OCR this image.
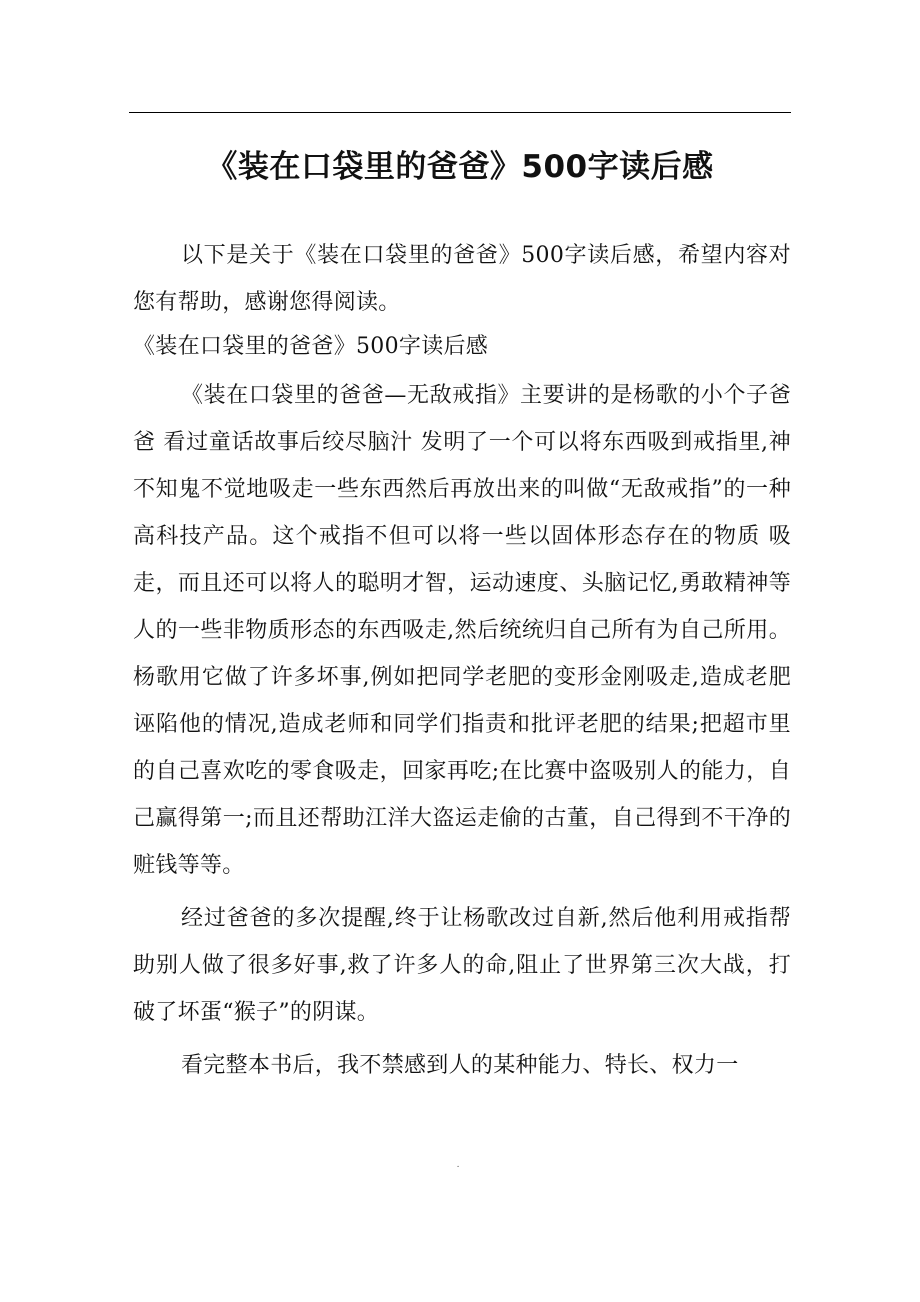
《装在口袋里的爸爸》500字读后感

以下是关于《装在口袋里的爸爸》500字读后感，希望内容对您有帮助，感谢您得阅读。

《装在口袋里的爸爸》500字读后感

《装在口袋里的爸爸—无敌戒指》主要讲的是杨歌的小个子爸爸 看过童话故事后绞尽脑汁 发明了一个可以将东西吸到戒指里,神不知鬼不觉地吸走一些东西然后再放出来的叫做“无敌戒指”的一种高科技产品。这个戒指不但可以将一些以固体形态存在的物质 吸走，而且还可以将人的聪明才智，运动速度、头脑记忆,勇敢精神等人的一些非物质形态的东西吸走,然后统统归自己所有为自己所用。杨歌用它做了许多坏事,例如把同学老肥的变形金刚吸走,造成老肥诬陷他的情况,造成老师和同学们指责和批评老肥的结果;把超市里的自己喜欢吃的零食吸走，回家再吃;在比赛中盗吸别人的能力，自己赢得第一;而且还帮助江洋大盗运走偷的古董，自己得到不干净的赃钱等等。

经过爸爸的多次提醒,终于让杨歌改过自新,然后他利用戒指帮助别人做了很多好事,救了许多人的命,阻止了世界第三次大战，打破了坏蛋“猴子”的阴谋。

看完整本书后，我不禁感到人的某种能力、特长、权力一

.
